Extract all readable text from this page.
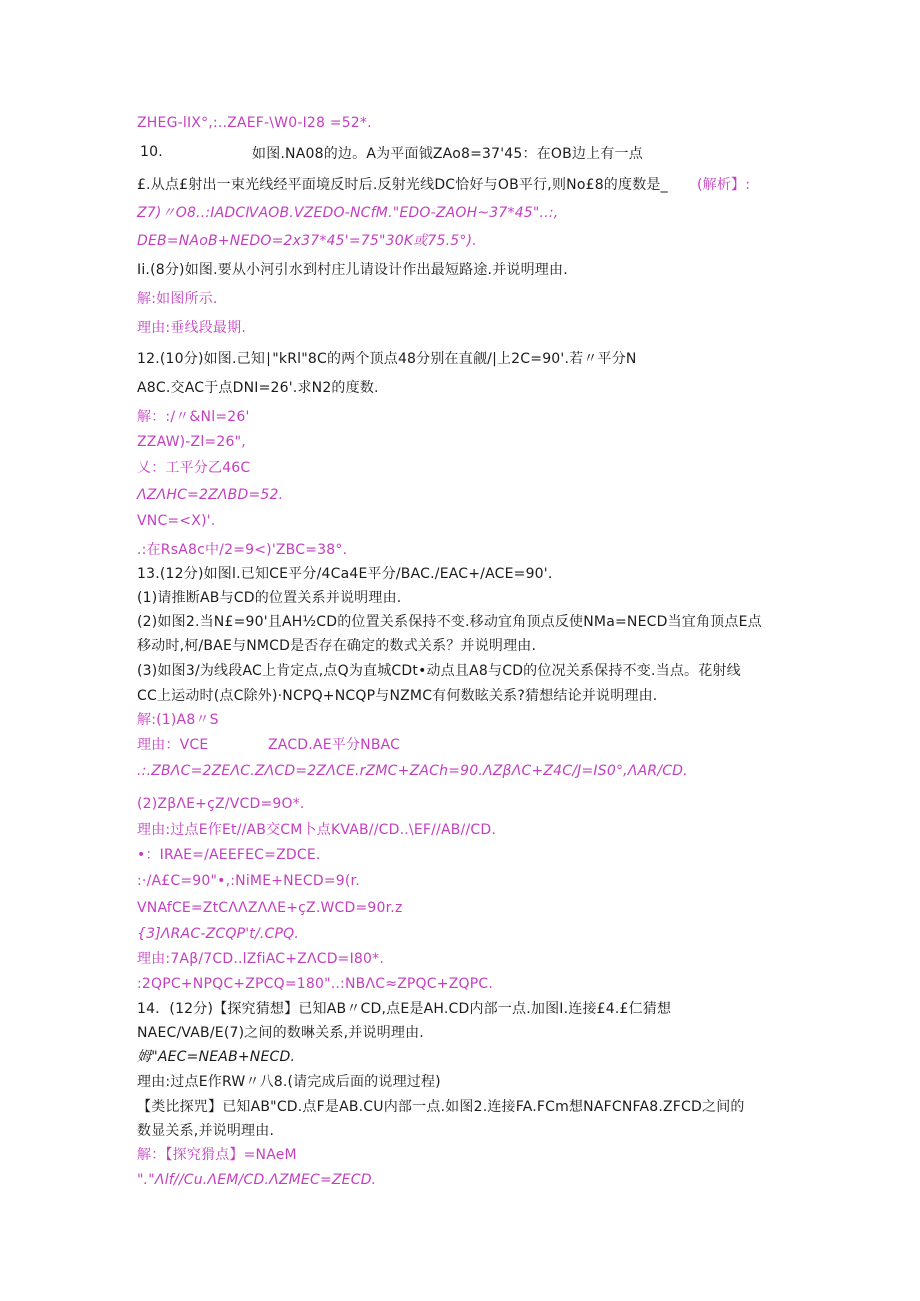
ZHEG-lIX°,:..ZAEF-\W0-I28 =52*.
10.	如图.NA08的边。A为平面钺ZAo8=37'45：在OB边上有一点
£.从点£射出一束光线经平面境反时后.反射光线DC恰好与OB平行,则No£8的度数是_ (解析】:
Z7)〃O8..:IADCⅣAOB.VZEDO-NCfM."EDO-ZAOH~37*45"..:,
DEB=NAoB+NEDO=2x37*45'=75"30K或75.5°).
Ii.(8分)如图.要从小河引水到村庄儿请设计作出最短路途.并说明理由.
解:如图所示.
理由:垂线段最期.
12.(10分)如图.己知∣"kRl"8C的两个顶点48分别在直觎/|上2C=90'.若〃平分N
A8C.交AC于点DNI=26'.求N2的度数.
解：:/〃&Nl=26'
ZZAW)-Zl=26",
乂：工平分乙46C
ΛZΛHC=2ZΛBD=52.
VNC=<X)'.
.:在RsA8c中/2=9<)'ZBC=38°.
13.(12分)如图l.已知CE平分/4Ca4E平分/BAC./EAC+/ACE=90'.
(1)请推断AB与CD的位置关系并说明理由.
(2)如图2.当N£=90'且AH½CD的位置关系保持不变.移动宜角顶点反使NMa=NECD当宜角顶点E点
移动时,柯/BAE与NMCD是否存在确定的数式关系？并说明理由.
(3)如图3/为线段AC上肯定点,点Q为直城CDt•动点且A8与CD的位况关系保持不变.当点。花射线
CC上运动时(点C除外)·NCPQ+NCQP与NZMC有何数眩关系?猜想结论并说明理由.
解:(1)A8〃S
理由：VCE	ZACD.AE平分NBAC
.:.ZBΛC=2ZEΛC.ZΛCD=2ZΛCE.rZMC+ZACh=90.ΛZβΛC+Z4C/J=IS0°,ΛAR/CD.
(2)ZβΛE+çZ/VCD=9O*.
理由:过点E作Et//AB交CM卜点KVAB//CD..\EF//AB//CD.
•：IRAE=/AEEFEC=ZDCE.
:·/A£C=90"•,:NiME+NECD=9(r.
VNAfCE=ZtCΛΛZΛΛE+çZ.WCD=90r.z
{3]ΛRAC-ZCQP't/.CPQ.
理由:7Aβ/7CD..lZfiAC+ZΛCD=I80*.
:2QPC+NPQC+ZPCQ=180"..:NBΛC≈ZPQC+ZQPC.
14．(12分)【探究猜想】已知AB〃CD,点E是AH.CD内部一点.加图I.连接£4.£仁猜想
NAEC/VAB/E(7)之间的数晽关系,并说明理由.
姆"AEC=NEAB+NECD.
理由:过点E作RW〃八8.(请完成后面的说理过程)
【类比探咒】已知AB"CD.点F是AB.CU内部一点.如图2.连接FA.FCm想NAFCNFA8.ZFCD之间的
数显关系,并说明理由.
解：【探究猾点】=NAeM
"."Λlf//Cu.ΛEM/CD.ΛZMEC=ZECD.
